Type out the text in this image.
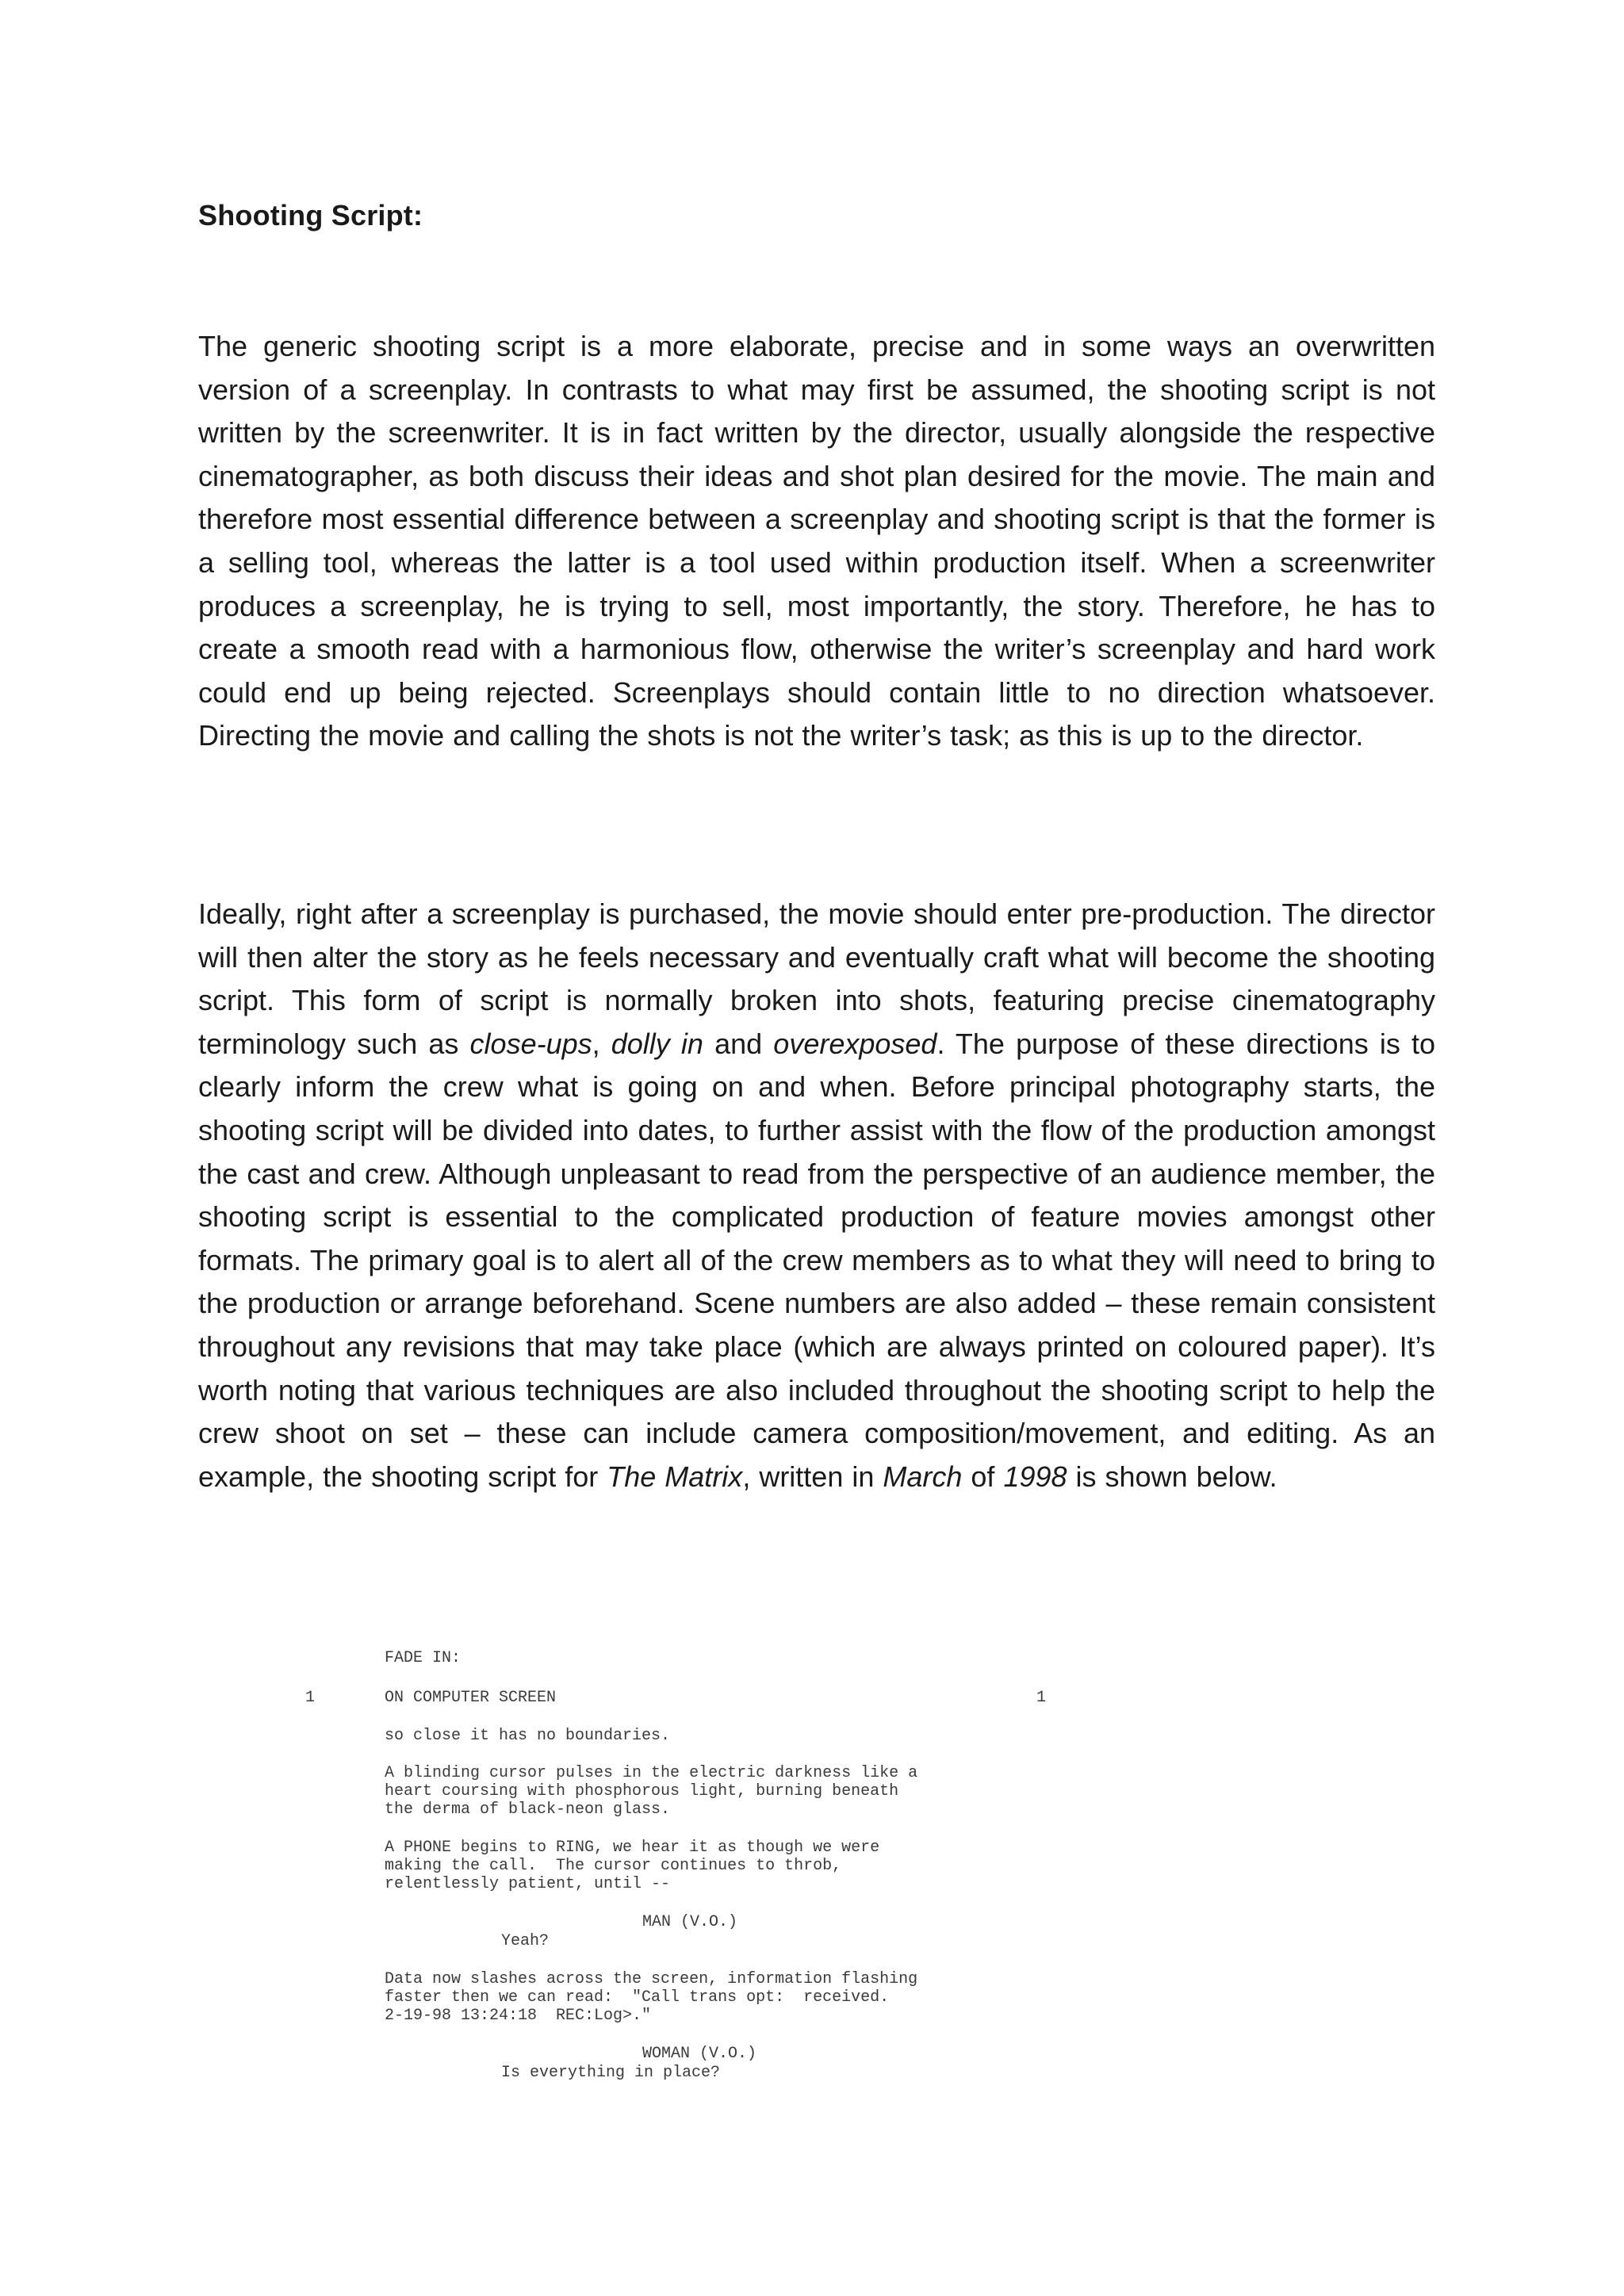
Shooting Script:
The generic shooting script is a more elaborate, precise and in some ways an overwritten version of a screenplay. In contrasts to what may first be assumed, the shooting script is not written by the screenwriter. It is in fact written by the director, usually alongside the respective cinematographer, as both discuss their ideas and shot plan desired for the movie. The main and therefore most essential difference between a screenplay and shooting script is that the former is a selling tool, whereas the latter is a tool used within production itself. When a screenwriter produces a screenplay, he is trying to sell, most importantly, the story. Therefore, he has to create a smooth read with a harmonious flow, otherwise the writer’s screenplay and hard work could end up being rejected. Screenplays should contain little to no direction whatsoever. Directing the movie and calling the shots is not the writer’s task; as this is up to the director.
Ideally, right after a screenplay is purchased, the movie should enter pre-production. The director will then alter the story as he feels necessary and eventually craft what will become the shooting script. This form of script is normally broken into shots, featuring precise cinematography terminology such as close-ups, dolly in and overexposed. The purpose of these directions is to clearly inform the crew what is going on and when. Before principal photography starts, the shooting script will be divided into dates, to further assist with the flow of the production amongst the cast and crew. Although unpleasant to read from the perspective of an audience member, the shooting script is essential to the complicated production of feature movies amongst other formats. The primary goal is to alert all of the crew members as to what they will need to bring to the production or arrange beforehand. Scene numbers are also added – these remain consistent throughout any revisions that may take place (which are always printed on coloured paper). It’s worth noting that various techniques are also included throughout the shooting script to help the crew shoot on set – these can include camera composition/movement, and editing. As an example, the shooting script for The Matrix, written in March of 1998 is shown below.
FADE IN:
1	ON COMPUTER SCREEN	1
so close it has no boundaries.
A blinding cursor pulses in the electric darkness like a
heart coursing with phosphorous light, burning beneath
the derma of black-neon glass.
A PHONE begins to RING, we hear it as though we were
making the call.  The cursor continues to throb,
relentlessly patient, until --
MAN (V.O.)
Yeah?
Data now slashes across the screen, information flashing
faster then we can read:  "Call trans opt:  received.
2-19-98 13:24:18  REC:Log>."
WOMAN (V.O.)
Is everything in place?
